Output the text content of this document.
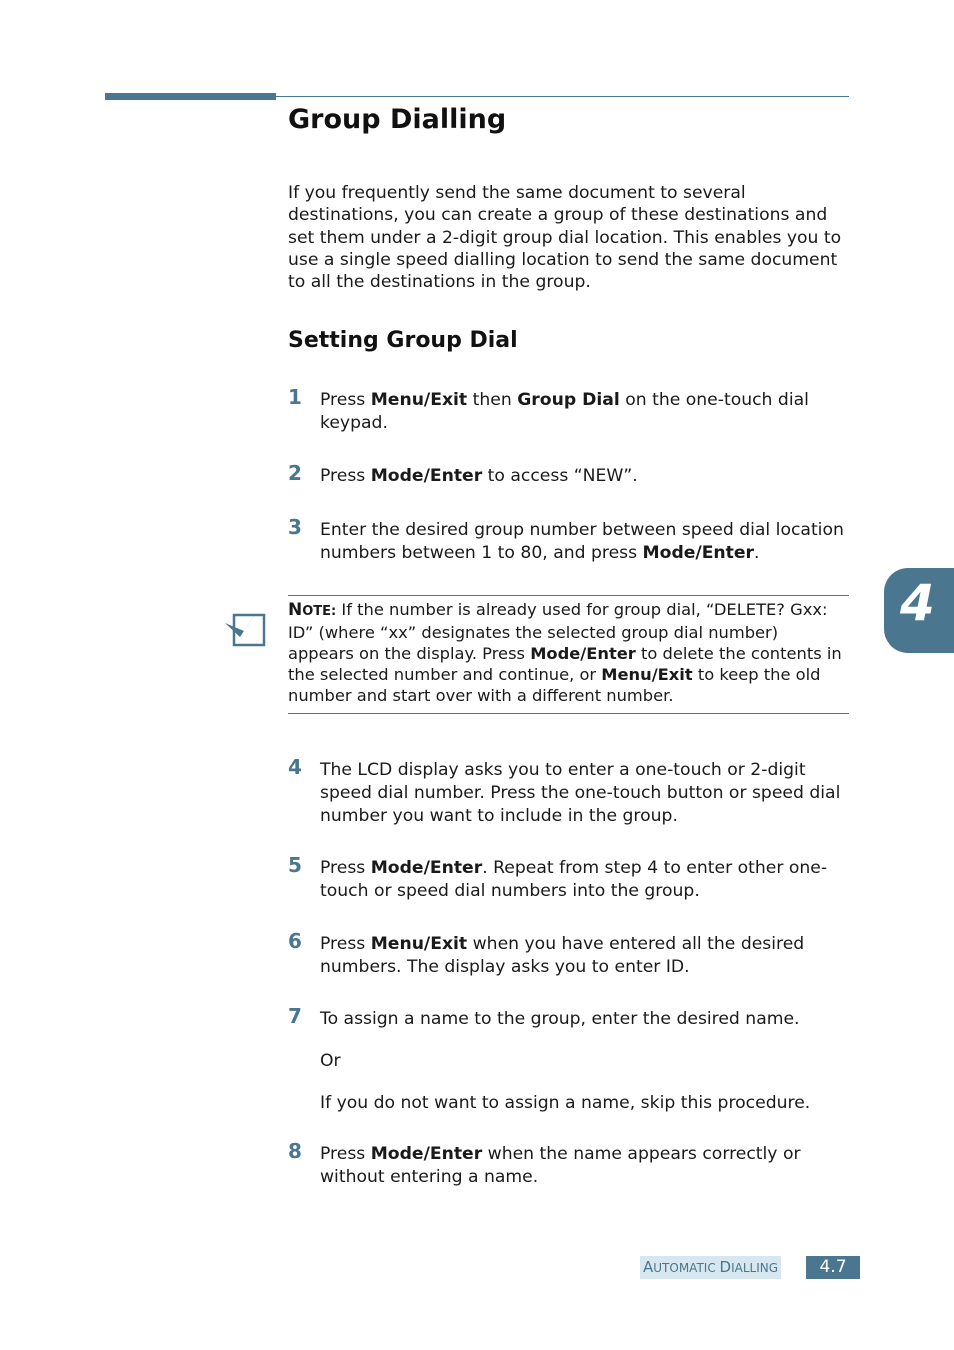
Group Dialling

If you frequently send the same document to several destinations, you can create a group of these destinations and set them under a 2-digit group dial location. This enables you to use a single speed dialling location to send the same document to all the destinations in the group.

Setting Group Dial
1 Press Menu/Exit then Group Dial on the one-touch dial keypad.
2 Press Mode/Enter to access “NEW”.
3 Enter the desired group number between speed dial location numbers between 1 to 80, and press Mode/Enter.

NOTE: If the number is already used for group dial, “DELETE? Gxx: ID” (where “xx” designates the selected group dial number) appears on the display. Press Mode/Enter to delete the contents in the selected number and continue, or Menu/Exit to keep the old number and start over with a different number.

4 The LCD display asks you to enter a one-touch or 2-digit speed dial number. Press the one-touch button or speed dial number you want to include in the group.
5 Press Mode/Enter. Repeat from step 4 to enter other one-touch or speed dial numbers into the group.
6 Press Menu/Exit when you have entered all the desired numbers. The display asks you to enter ID.
7 To assign a name to the group, enter the desired name.
Or
If you do not want to assign a name, skip this procedure.
8 Press Mode/Enter when the name appears correctly or without entering a name.
4
AUTOMATIC DIALLING	4.7
